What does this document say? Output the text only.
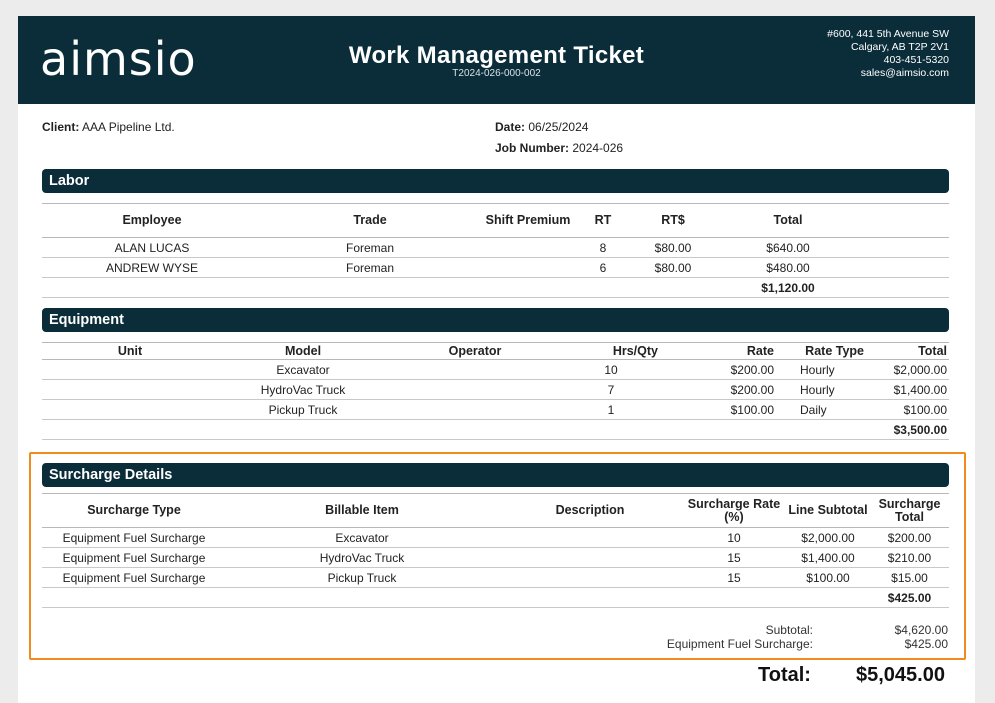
aimsio	Work Management Ticket
T2024-026-000-002
#600, 441 5th Avenue SW
Calgary, AB T2P 2V1
403-451-5320
sales@aimsio.com
Client: AAA Pipeline Ltd.	Date: 06/25/2024
Job Number: 2024-026
Labor
Employee	Trade	Shift Premium	RT	RT$	Total	
ALAN LUCAS	Foreman		8	$80.00	$640.00	
ANDREW WYSE	Foreman		6	$80.00	$480.00	
					$1,120.00	
Equipment
Unit	Model	Operator	Hrs/Qty	Rate	Rate Type	Total
	Excavator		10	$200.00	Hourly	$2,000.00
	HydroVac Truck		7	$200.00	Hourly	$1,400.00
	Pickup Truck		1	$100.00	Daily	$100.00
						$3,500.00
Surcharge Details
Surcharge Type	Billable Item	Description	Surcharge Rate (%)	Line Subtotal	Surcharge Total
Equipment Fuel Surcharge	Excavator		10	$2,000.00	$200.00
Equipment Fuel Surcharge	HydroVac Truck		15	$1,400.00	$210.00
Equipment Fuel Surcharge	Pickup Truck		15	$100.00	$15.00
					$425.00
Subtotal:	$4,620.00
Equipment Fuel Surcharge:	$425.00
Total: $5,045.00
